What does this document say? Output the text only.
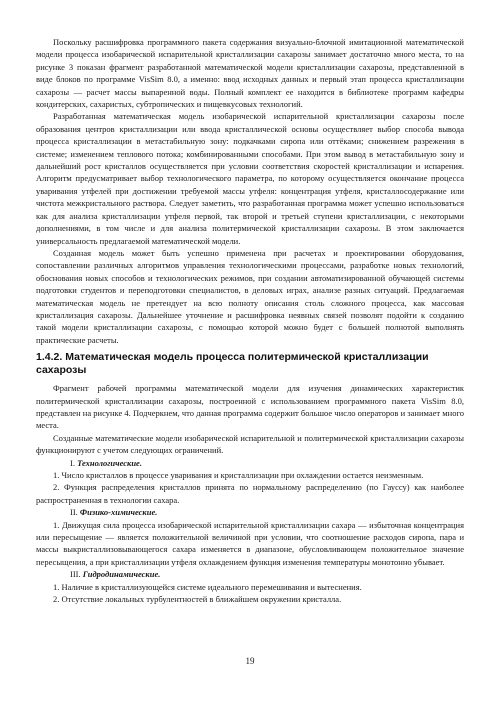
Поскольку расшифровка программного пакета содержания визуально-блочной имитационной математической модели процесса изобарической испарительной кристаллизации сахарозы занимает достаточно много места, то на рисунке 3 показан фрагмент разработанной математической модели кристаллизации сахарозы, представленной в виде блоков по программе VisSim 8.0, а именно: ввод исходных данных и первый этап процесса кристаллизации сахарозы — расчет массы выпаренной воды. Полный комплект ее находится в библиотеке программ кафедры кондитерских, сахаристых, субтропических и пищевкусовых технологий.

Разработанная математическая модель изобарической испарительной кристаллизации сахарозы после образования центров кристаллизации или ввода кристаллической основы осуществляет выбор способа вывода процесса кристаллизации в метастабильную зону: подкачками сиропа или оттёками; снижением разрежения в системе; изменением теплового потока; комбинированными способами. При этом вывод в метастабильную зону и дальнейший рост кристаллов осуществляется при условии соответствия скоростей кристаллизации и испарения. Алгоритм предусматривает выбор технологического параметра, по которому осуществляется окончание процесса уваривания утфелей при достижении требуемой массы утфеля: концентрация утфеля, кристаллосодержание или чистота межкристального раствора. Следует заметить, что разработанная программа может успешно использоваться как для анализа кристаллизации утфеля первой, так второй и третьей ступени кристаллизации, с некоторыми дополнениями, в том числе и для анализа политермической кристаллизации сахарозы. В этом заключается универсальность предлагаемой математической модели.

Созданная модель может быть успешно применена при расчетах и проектировании оборудования, сопоставлении различных алгоритмов управления технологическими процессами, разработке новых технологий, обоснования новых способов и технологических режимов, при создании автоматизированной обучающей системы подготовки студентов и переподготовки специалистов, в деловых играх, анализе разных ситуаций. Предлагаемая математическая модель не претендует на всю полноту описания столь сложного процесса, как массовая кристаллизация сахарозы. Дальнейшее уточнение и расшифровка неявных связей позволят подойти к созданию такой модели кристаллизации сахарозы, с помощью которой можно будет с большей полнотой выполнять практические расчеты.

1.4.2. Математическая модель процесса политермической кристаллизации сахарозы

Фрагмент рабочей программы математической модели для изучения динамических характеристик политермической кристаллизации сахарозы, построенной с использованием программного пакета VisSim 8.0, представлен на рисунке 4. Подчеркнем, что данная программа содержит большое число операторов и занимает много места.

Созданные математические модели изобарической испарительной и политермической кристаллизации сахарозы функционируют с учетом следующих ограничений.

I. Технологические.

1. Число кристаллов в процессе уваривания и кристаллизации при охлаждении остается неизменным.

2. Функция распределения кристаллов принята по нормальному распределению (по Гауссу) как наиболее распространенная в технологии сахара.

II. Физико-химические.

1. Движущая сила процесса изобарической испарительной кристаллизации сахара — избыточная концентрация или пересыщение — является положительной величиной при условии, что соотношение расходов сиропа, пара и массы выкристаллизовывающегося сахара изменяется в диапазоне, обусловливающем положительное значение пересыщения, а при кристаллизации утфеля охлаждением функция изменения температуры монотонно убывает.

III. Гидродинамические.

1. Наличие в кристаллизующейся системе идеального перемешивания и вытеснения.

2. Отсутствие локальных турбулентностей в ближайшем окружении кристалла.

19
